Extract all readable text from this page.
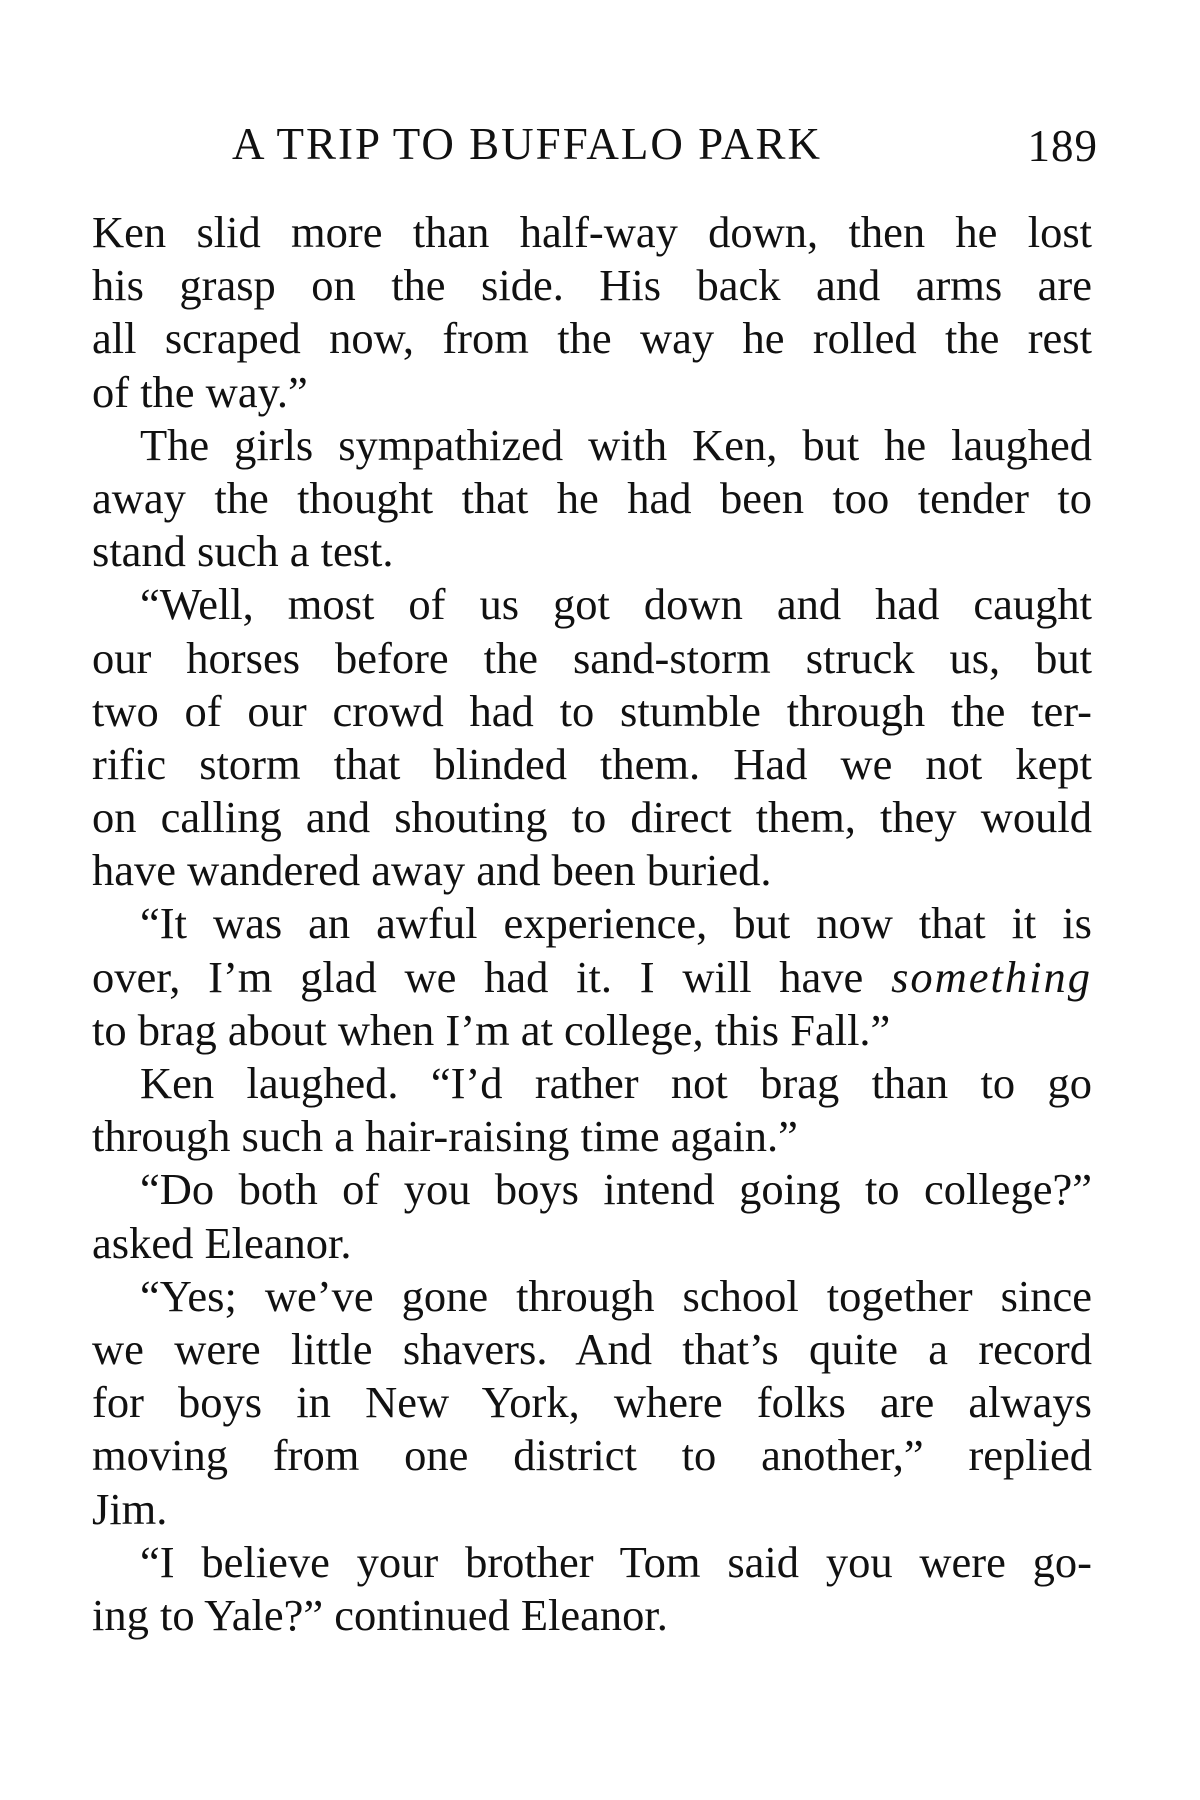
A TRIP TO BUFFALO PARK	189
Ken slid more than half-way down, then he lost
his grasp on the side. His back and arms are
all scraped now, from the way he rolled the rest
of the way.”
The girls sympathized with Ken, but he laughed
away the thought that he had been too tender to
stand such a test.
“Well, most of us got down and had caught
our horses before the sand-storm struck us, but
two of our crowd had to stumble through the ter-
rific storm that blinded them. Had we not kept
on calling and shouting to direct them, they would
have wandered away and been buried.
“It was an awful experience, but now that it is
over, I’m glad we had it. I will have something
to brag about when I’m at college, this Fall.”
Ken laughed. “I’d rather not brag than to go
through such a hair-raising time again.”
“Do both of you boys intend going to college?”
asked Eleanor.
“Yes; we’ve gone through school together since
we were little shavers. And that’s quite a record
for boys in New York, where folks are always
moving from one district to another,” replied
Jim.
“I believe your brother Tom said you were go-
ing to Yale?” continued Eleanor.
